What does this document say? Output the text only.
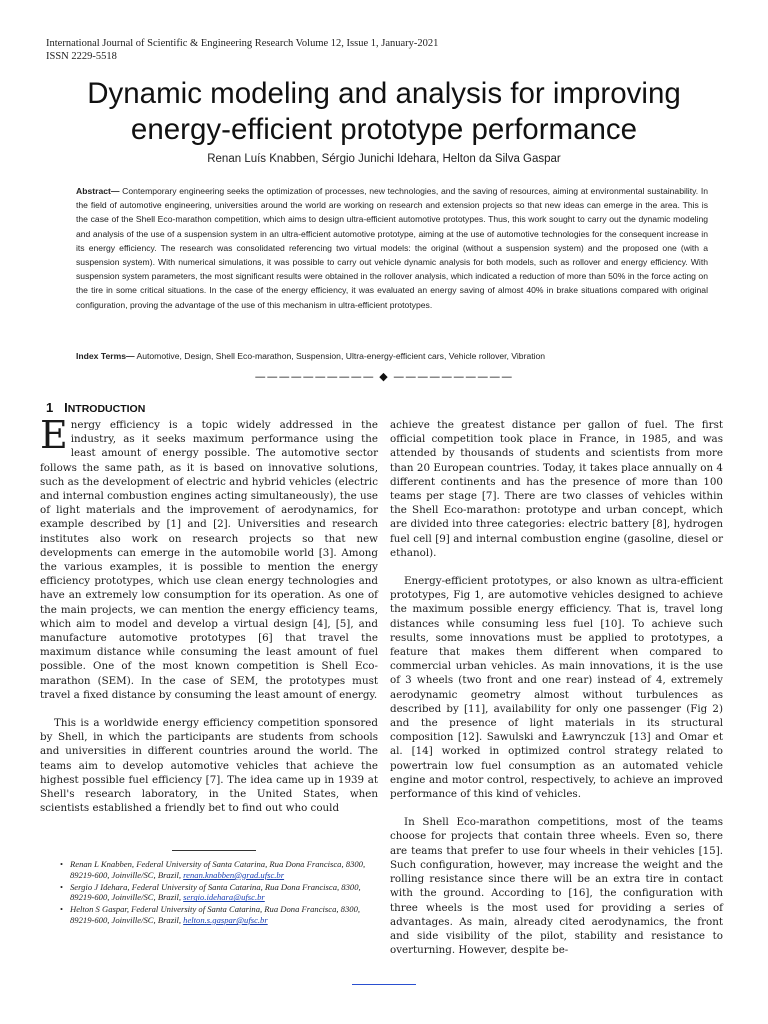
International Journal of Scientific & Engineering Research Volume 12, Issue 1, January-2021
ISSN 2229-5518
Dynamic modeling and analysis for improving
energy-efficient prototype performance
Renan Luís Knabben, Sérgio Junichi Idehara, Helton da Silva Gaspar
Abstract— Contemporary engineering seeks the optimization of processes, new technologies, and the saving of resources, aiming at environmental sustainability. In the field of automotive engineering, universities around the world are working on research and extension projects so that new ideas can emerge in the area. This is the case of the Shell Eco-marathon competition, which aims to design ultra-efficient automotive prototypes. Thus, this work sought to carry out the dynamic modeling and analysis of the use of a suspension system in an ultra-efficient automotive prototype, aiming at the use of automotive technologies for the consequent increase in its energy efficiency. The research was consolidated referencing two virtual models: the original (without a suspension system) and the proposed one (with a suspension system). With numerical simulations, it was possible to carry out vehicle dynamic analysis for both models, such as rollover and energy efficiency. With suspension system parameters, the most significant results were obtained in the rollover analysis, which indicated a reduction of more than 50% in the force acting on the tire in some critical situations. In the case of the energy efficiency, it was evaluated an energy saving of almost 40% in brake situations compared with original configuration, proving the advantage of the use of this mechanism in ultra-efficient prototypes.
Index Terms— Automotive, Design, Shell Eco-marathon, Suspension, Ultra-energy-efficient cars, Vehicle rollover, Vibration
—————————— ◆ ——————————
1 INTRODUCTION

Energy efficiency is a topic widely addressed in the industry, as it seeks maximum performance using the least amount of energy possible. The automotive sector follows the same path, as it is based on innovative solutions, such as the development of electric and hybrid vehicles (electric and internal combustion engines acting simultaneously), the use of light materials and the improvement of aerodynamics, for example described by [1] and [2]. Universities and research institutes also work on research projects so that new developments can emerge in the automobile world [3]. Among the various examples, it is possible to mention the energy efficiency prototypes, which use clean energy technologies and have an extremely low consumption for its operation. As one of the main projects, we can mention the energy efficiency teams, which aim to model and develop a virtual design [4], [5], and manufacture automotive prototypes [6] that travel the maximum distance while consuming the least amount of fuel possible. One of the most known competition is Shell Eco-marathon (SEM). In the case of SEM, the prototypes must travel a fixed distance by consuming the least amount of energy.

This is a worldwide energy efficiency competition sponsored by Shell, in which the participants are students from schools and universities in different countries around the world. The teams aim to develop automotive vehicles that achieve the highest possible fuel efficiency [7]. The idea came up in 1939 at Shell's research laboratory, in the United States, when scientists established a friendly bet to find out who could

achieve the greatest distance per gallon of fuel. The first official competition took place in France, in 1985, and was attended by thousands of students and scientists from more than 20 European countries. Today, it takes place annually on 4 different continents and has the presence of more than 100 teams per stage [7]. There are two classes of vehicles within the Shell Eco-marathon: prototype and urban concept, which are divided into three categories: electric battery [8], hydrogen fuel cell [9] and internal combustion engine (gasoline, diesel or ethanol).

Energy-efficient prototypes, or also known as ultra-efficient prototypes, Fig 1, are automotive vehicles designed to achieve the maximum possible energy efficiency. That is, travel long distances while consuming less fuel [10]. To achieve such results, some innovations must be applied to prototypes, a feature that makes them different when compared to commercial urban vehicles. As main innovations, it is the use of 3 wheels (two front and one rear) instead of 4, extremely aerodynamic geometry almost without turbulences as described by [11], availability for only one passenger (Fig 2) and the presence of light materials in its structural composition [12]. Sawulski and Ławrynczuk [13] and Omar et al. [14] worked in optimized control strategy related to powertrain low fuel consumption as an automated vehicle engine and motor control, respectively, to achieve an improved performance of this kind of vehicles.

In Shell Eco-marathon competitions, most of the teams choose for projects that contain three wheels. Even so, there are teams that prefer to use four wheels in their vehicles [15]. Such configuration, however, may increase the weight and the rolling resistance since there will be an extra tire in contact with the ground. According to [16], the configuration with three wheels is the most used for providing a series of advantages. As main, already cited aerodynamics, the front and side visibility of the pilot, stability and resistance to overturning. However, despite be-

• Renan L Knabben, Federal University of Santa Catarina, Rua Dona Francisca, 8300, 89219-600, Joinville/SC, Brazil, renan.knabben@grad.ufsc.br
• Sergio J Idehara, Federal University of Santa Catarina, Rua Dona Francisca, 8300, 89219-600, Joinville/SC, Brazil, sergio.idehara@ufsc.br
• Helton S Gaspar, Federal University of Santa Catarina, Rua Dona Francisca, 8300, 89219-600, Joinville/SC, Brazil, helton.s.gaspar@ufsc.br
